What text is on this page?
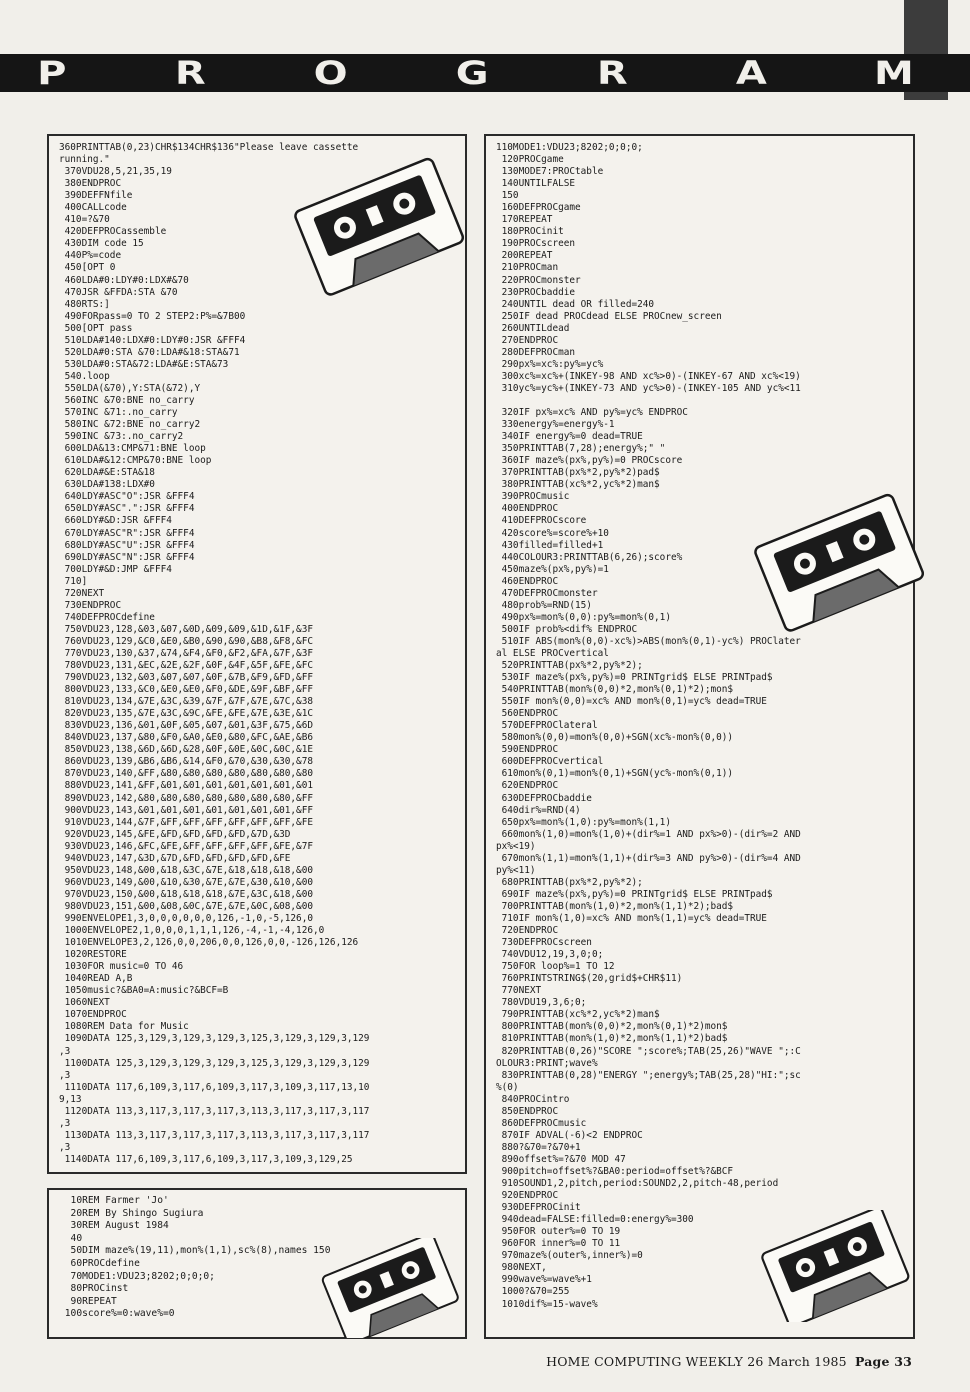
P	R	O	G	R	A	M
360PRINTTAB(0,23)CHR$134CHR$136"Please leave cassette
running."
370VDU28,5,21,35,19
380ENDPROC
390DEFFNfile
400CALLcode
410=?&70
420DEFPROCassemble
430DIM code 15
440P%=code
450[OPT 0
460LDA#0:LDY#0:LDX#&70
470JSR &FFDA:STA &70
480RTS:]
490FORpass=0 TO 2 STEP2:P%=&7B00
500[OPT pass
510LDA#140:LDX#0:LDY#0:JSR &FFF4
520LDA#0:STA &70:LDA#&18:STA&71
530LDA#0:STA&72:LDA#&E:STA&73
540.loop
550LDA(&70),Y:STA(&72),Y
560INC &70:BNE no_carry
570INC &71:.no_carry
580INC &72:BNE no_carry2
590INC &73:.no_carry2
600LDA&13:CMP&71:BNE loop
610LDA#&12:CMP&70:BNE loop
620LDA#&E:STA&18
630LDA#138:LDX#0
640LDY#ASC"O":JSR &FFF4
650LDY#ASC".":JSR &FFF4
660LDY#&D:JSR &FFF4
670LDY#ASC"R":JSR &FFF4
680LDY#ASC"U":JSR &FFF4
690LDY#ASC"N":JSR &FFF4
700LDY#&D:JMP &FFF4
710]
720NEXT
730ENDPROC
740DEFPROCdefine
750VDU23,128,&03,&07,&0D,&09,&09,&1D,&1F,&3F
760VDU23,129,&C0,&E0,&B0,&90,&90,&B8,&F8,&FC
770VDU23,130,&37,&74,&F4,&F0,&F2,&FA,&7F,&3F
780VDU23,131,&EC,&2E,&2F,&0F,&4F,&5F,&FE,&FC
790VDU23,132,&03,&07,&07,&0F,&7B,&F9,&FD,&FF
800VDU23,133,&C0,&E0,&E0,&F0,&DE,&9F,&BF,&FF
810VDU23,134,&7E,&3C,&39,&7F,&7F,&7E,&7C,&38
820VDU23,135,&7E,&3C,&9C,&FE,&FE,&7E,&3E,&1C
830VDU23,136,&01,&0F,&05,&07,&01,&3F,&75,&6D
840VDU23,137,&80,&F0,&A0,&E0,&80,&FC,&AE,&B6
850VDU23,138,&6D,&6D,&28,&0F,&0E,&0C,&0C,&1E
860VDU23,139,&B6,&B6,&14,&F0,&70,&30,&30,&78
870VDU23,140,&FF,&80,&80,&80,&80,&80,&80,&80
880VDU23,141,&FF,&01,&01,&01,&01,&01,&01,&01
890VDU23,142,&80,&80,&80,&80,&80,&80,&80,&FF
900VDU23,143,&01,&01,&01,&01,&01,&01,&01,&FF
910VDU23,144,&7F,&FF,&FF,&FF,&FF,&FF,&FF,&FE
920VDU23,145,&FE,&FD,&FD,&FD,&FD,&7D,&3D
930VDU23,146,&FC,&FE,&FF,&FF,&FF,&FF,&FE,&7F
940VDU23,147,&3D,&7D,&FD,&FD,&FD,&FD,&FE
950VDU23,148,&00,&18,&3C,&7E,&18,&18,&18,&00
960VDU23,149,&00,&10,&30,&7E,&7E,&30,&10,&00
970VDU23,150,&00,&18,&18,&18,&7E,&3C,&18,&00
980VDU23,151,&00,&08,&0C,&7E,&7E,&0C,&08,&00
990ENVELOPE1,3,0,0,0,0,0,0,126,-1,0,-5,126,0
1000ENVELOPE2,1,0,0,0,1,1,1,126,-4,-1,-4,126,0
1010ENVELOPE3,2,126,0,0,206,0,0,126,0,0,-126,126,126
1020RESTORE
1030FOR music=0 TO 46
1040READ A,B
1050music?&BA0=A:music?&BCF=B
1060NEXT
1070ENDPROC
1080REM Data for Music
1090DATA 125,3,129,3,129,3,129,3,125,3,129,3,129,3,129
,3
1100DATA 125,3,129,3,129,3,129,3,125,3,129,3,129,3,129
,3
1110DATA 117,6,109,3,117,6,109,3,117,3,109,3,117,13,10
9,13
1120DATA 113,3,117,3,117,3,117,3,113,3,117,3,117,3,117
,3
1130DATA 113,3,117,3,117,3,117,3,113,3,117,3,117,3,117
,3
1140DATA 117,6,109,3,117,6,109,3,117,3,109,3,129,25
110MODE1:VDU23;8202;0;0;0;
120PROCgame
130MODE7:PROCtable
140UNTILFALSE
150
160DEFPROCgame
170REPEAT
180PROCinit
190PROCscreen
200REPEAT
210PROCman
220PROCmonster
230PROCbaddie
240UNTIL dead OR filled=240
250IF dead PROCdead ELSE PROCnew_screen
260UNTILdead
270ENDPROC
280DEFPROCman
290px%=xc%:py%=yc%
300xc%=xc%+(INKEY-98 AND xc%>0)-(INKEY-67 AND xc%<19)
310yc%=yc%+(INKEY-73 AND yc%>0)-(INKEY-105 AND yc%<11

320IF px%=xc% AND py%=yc% ENDPROC
330energy%=energy%-1
340IF energy%=0 dead=TRUE
350PRINTTAB(7,28);energy%;" "
360IF maze%(px%,py%)=0 PROCscore
370PRINTTAB(px%*2,py%*2)pad$
380PRINTTAB(xc%*2,yc%*2)man$
390PROCmusic
400ENDPROC
410DEFPROCscore
420score%=score%+10
430filled=filled+1
440COLOUR3:PRINTTAB(6,26);score%
450maze%(px%,py%)=1
460ENDPROC
470DEFPROCmonster
480prob%=RND(15)
490px%=mon%(0,0):py%=mon%(0,1)
500IF prob%<dif% ENDPROC
510IF ABS(mon%(0,0)-xc%)>ABS(mon%(0,1)-yc%) PROClater
al ELSE PROCvertical
520PRINTTAB(px%*2,py%*2);
530IF maze%(px%,py%)=0 PRINTgrid$ ELSE PRINTpad$
540PRINTTAB(mon%(0,0)*2,mon%(0,1)*2);mon$
550IF mon%(0,0)=xc% AND mon%(0,1)=yc% dead=TRUE
560ENDPROC
570DEFPROClateral
580mon%(0,0)=mon%(0,0)+SGN(xc%-mon%(0,0))
590ENDPROC
600DEFPROCvertical
610mon%(0,1)=mon%(0,1)+SGN(yc%-mon%(0,1))
620ENDPROC
630DEFPROCbaddie
640dir%=RND(4)
650px%=mon%(1,0):py%=mon%(1,1)
660mon%(1,0)=mon%(1,0)+(dir%=1 AND px%>0)-(dir%=2 AND
px%<19)
670mon%(1,1)=mon%(1,1)+(dir%=3 AND py%>0)-(dir%=4 AND
py%<11)
680PRINTTAB(px%*2,py%*2);
690IF maze%(px%,py%)=0 PRINTgrid$ ELSE PRINTpad$
700PRINTTAB(mon%(1,0)*2,mon%(1,1)*2);bad$
710IF mon%(1,0)=xc% AND mon%(1,1)=yc% dead=TRUE
720ENDPROC
730DEFPROCscreen
740VDU12,19,3,0;0;
750FOR loop%=1 TO 12
760PRINTSTRING$(20,grid$+CHR$11)
770NEXT
780VDU19,3,6;0;
790PRINTTAB(xc%*2,yc%*2)man$
800PRINTTAB(mon%(0,0)*2,mon%(0,1)*2)mon$
810PRINTTAB(mon%(1,0)*2,mon%(1,1)*2)bad$
820PRINTTAB(0,26)"SCORE ";score%;TAB(25,26)"WAVE ";:C
OLOUR3:PRINT;wave%
830PRINTTAB(0,28)"ENERGY ";energy%;TAB(25,28)"HI:";sc
%(0)
840PROCintro
850ENDPROC
860DEFPROCmusic
870IF ADVAL(-6)<2 ENDPROC
880?&70=?&70+1
890offset%=?&70 MOD 47
900pitch=offset%?&BA0:period=offset%?&BCF
910SOUND1,2,pitch,period:SOUND2,2,pitch-48,period
920ENDPROC
930DEFPROCinit
940dead=FALSE:filled=0:energy%=300
950FOR outer%=0 TO 19
960FOR inner%=0 TO 11
970maze%(outer%,inner%)=0
980NEXT,
990wave%=wave%+1
1000?&70=255
1010dif%=15-wave%
10REM Farmer 'Jo'
20REM By Shingo Sugiura
30REM August 1984
40
50DIM maze%(19,11),mon%(1,1),sc%(8),names 150
60PROCdefine
70MODE1:VDU23;8202;0;0;0;
80PROCinst
90REPEAT
100score%=0:wave%=0
HOME COMPUTING WEEKLY 26 March 1985 Page 33
